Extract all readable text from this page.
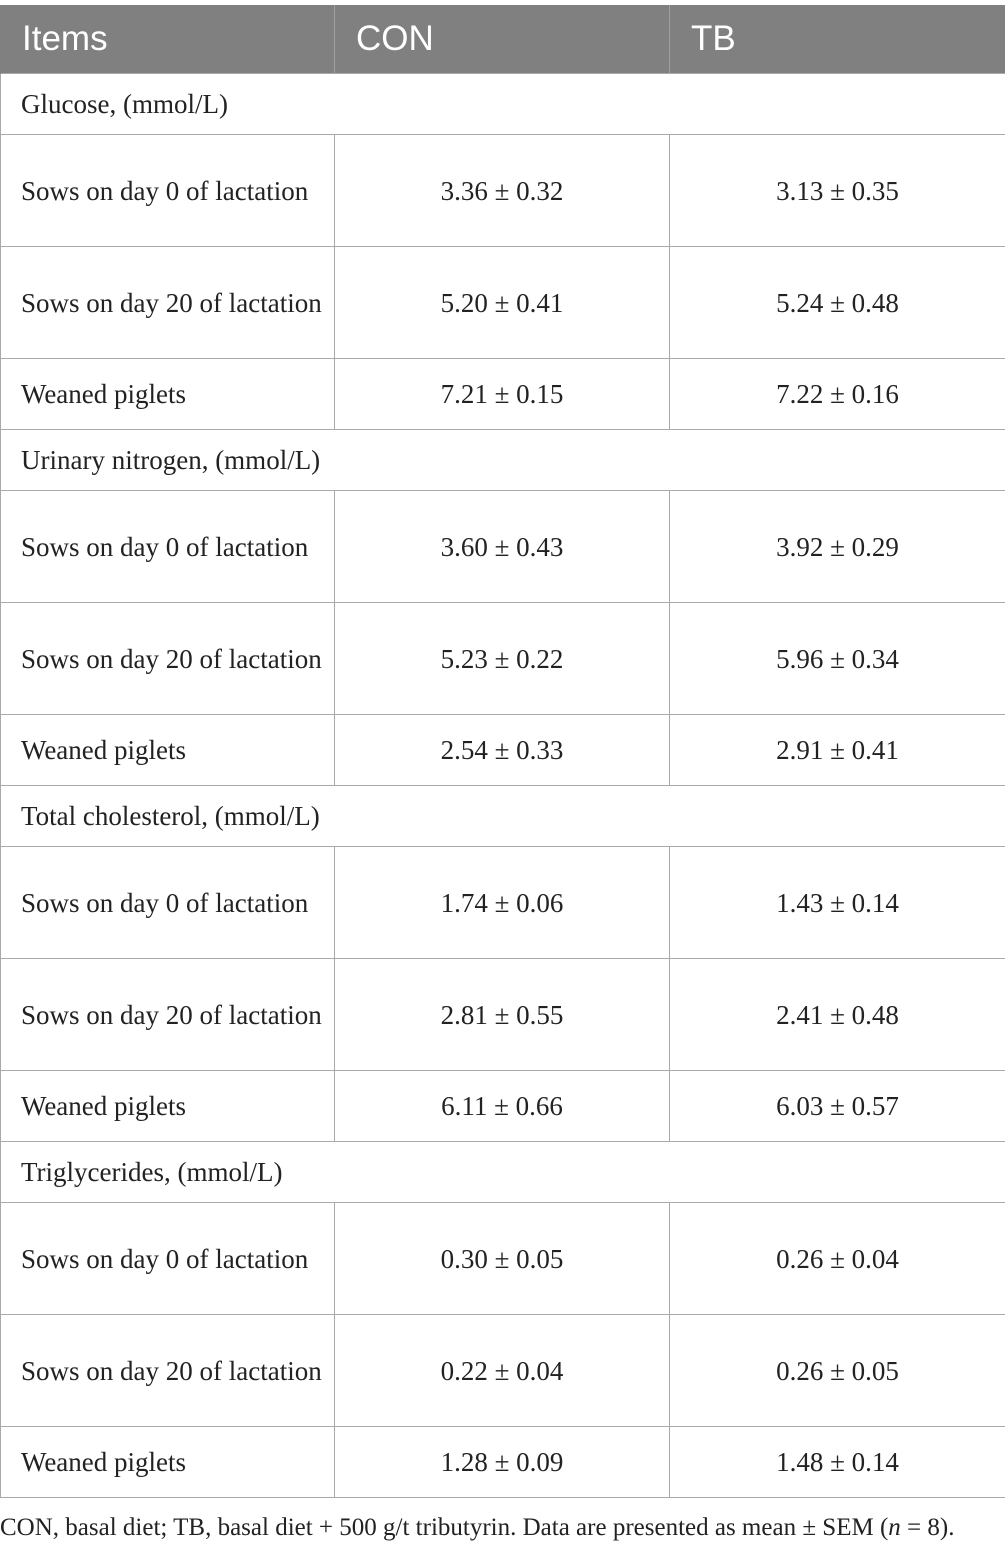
Items	CON	TB
Glucose, (mmol/L)		
Sows on day 0 of lactation	3.36 ± 0.32	3.13 ± 0.35
Sows on day 20 of lactation	5.20 ± 0.41	5.24 ± 0.48
Weaned piglets	7.21 ± 0.15	7.22 ± 0.16
Urinary nitrogen, (mmol/L)		
Sows on day 0 of lactation	3.60 ± 0.43	3.92 ± 0.29
Sows on day 20 of lactation	5.23 ± 0.22	5.96 ± 0.34
Weaned piglets	2.54 ± 0.33	2.91 ± 0.41
Total cholesterol, (mmol/L)		
Sows on day 0 of lactation	1.74 ± 0.06	1.43 ± 0.14
Sows on day 20 of lactation	2.81 ± 0.55	2.41 ± 0.48
Weaned piglets	6.11 ± 0.66	6.03 ± 0.57
Triglycerides, (mmol/L)		
Sows on day 0 of lactation	0.30 ± 0.05	0.26 ± 0.04
Sows on day 20 of lactation	0.22 ± 0.04	0.26 ± 0.05
Weaned piglets	1.28 ± 0.09	1.48 ± 0.14
CON, basal diet; TB, basal diet + 500 g/t tributyrin. Data are presented as mean ± SEM (n = 8).
